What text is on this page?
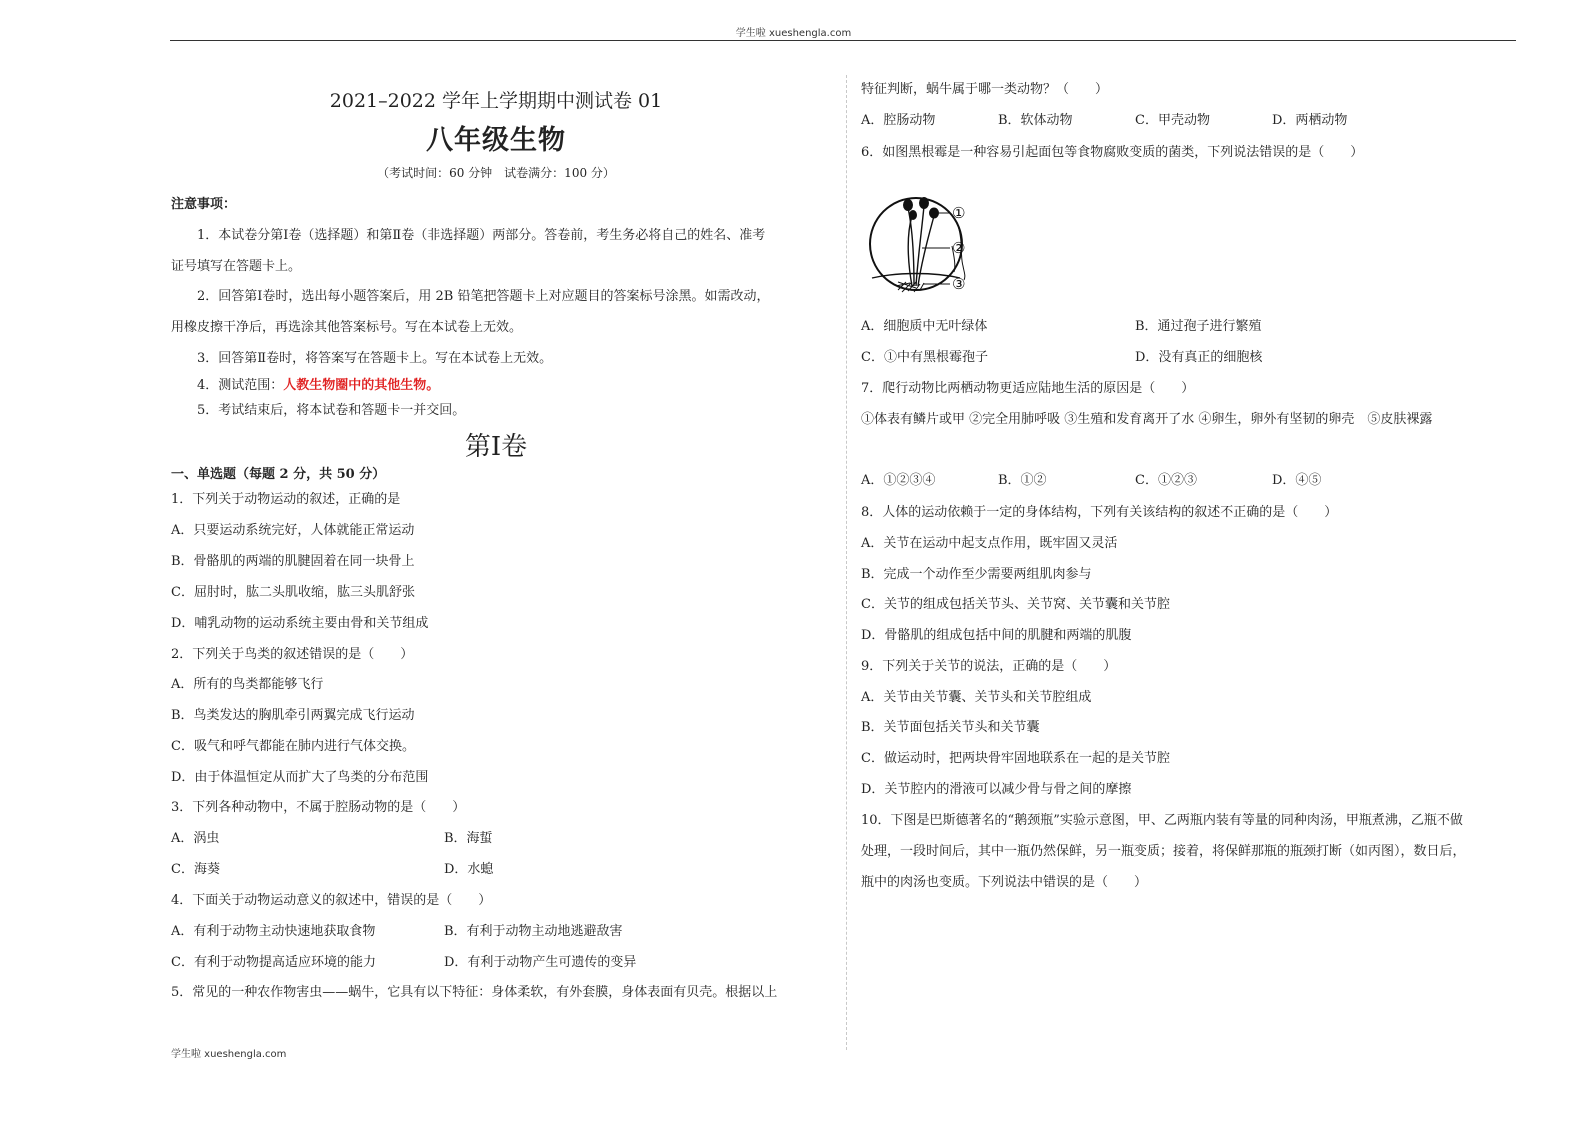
学生啦 xueshengla.com
2021–2022 学年上学期期中测试卷 01
八年级生物
（考试时间：60 分钟　试卷满分：100 分）
注意事项：
1．本试卷分第Ⅰ卷（选择题）和第Ⅱ卷（非选择题）两部分。答卷前，考生务必将自己的姓名、准考
证号填写在答题卡上。
2．回答第Ⅰ卷时，选出每小题答案后，用 2B 铅笔把答题卡上对应题目的答案标号涂黑。如需改动，
用橡皮擦干净后，再选涂其他答案标号。写在本试卷上无效。
3．回答第Ⅱ卷时，将答案写在答题卡上。写在本试卷上无效。
4．测试范围：人教生物圈中的其他生物。
5．考试结束后，将本试卷和答题卡一并交回。
第Ⅰ卷
一、单选题（每题 2 分，共 50 分）
1．下列关于动物运动的叙述，正确的是
A．只要运动系统完好，人体就能正常运动
B．骨骼肌的两端的肌腱固着在同一块骨上
C．屈肘时，肱二头肌收缩，肱三头肌舒张
D．哺乳动物的运动系统主要由骨和关节组成
2．下列关于鸟类的叙述错误的是（　　）
A．所有的鸟类都能够飞行
B．鸟类发达的胸肌牵引两翼完成飞行运动
C．吸气和呼气都能在肺内进行气体交换。
D．由于体温恒定从而扩大了鸟类的分布范围
3．下列各种动物中，不属于腔肠动物的是（　　）
A．涡虫	B．海蜇
C．海葵	D．水螅
4．下面关于动物运动意义的叙述中，错误的是（　　）
A．有利于动物主动快速地获取食物	B．有利于动物主动地逃避敌害
C．有利于动物提高适应环境的能力	D．有利于动物产生可遗传的变异
5．常见的一种农作物害虫——蜗牛，它具有以下特征：身体柔软，有外套膜，身体表面有贝壳。根据以上
特征判断，蜗牛属于哪一类动物？（　　）
A．腔肠动物	B．软体动物	C．甲壳动物	D．两栖动物
6．如图黑根霉是一种容易引起面包等食物腐败变质的菌类，下列说法错误的是（　　）
A．细胞质中无叶绿体	B．通过孢子进行繁殖
C．①中有黑根霉孢子	D．没有真正的细胞核
7．爬行动物比两栖动物更适应陆地生活的原因是（　　）
①体表有鳞片或甲 ②完全用肺呼吸 ③生殖和发育离开了水 ④卵生，卵外有坚韧的卵壳　⑤皮肤裸露
A．①②③④	B．①②	C．①②③	D．④⑤
8．人体的运动依赖于一定的身体结构，下列有关该结构的叙述不正确的是（　　）
A．关节在运动中起支点作用，既牢固又灵活
B．完成一个动作至少需要两组肌肉参与
C．关节的组成包括关节头、关节窝、关节囊和关节腔
D．骨骼肌的组成包括中间的肌腱和两端的肌腹
9．下列关于关节的说法，正确的是（　　）
A．关节由关节囊、关节头和关节腔组成
B．关节面包括关节头和关节囊
C．做运动时，把两块骨牢固地联系在一起的是关节腔
D．关节腔内的滑液可以减少骨与骨之间的摩擦
10．下图是巴斯德著名的“鹅颈瓶”实验示意图，甲、乙两瓶内装有等量的同种肉汤，甲瓶煮沸，乙瓶不做
处理，一段时间后，其中一瓶仍然保鲜，另一瓶变质；接着，将保鲜那瓶的瓶颈打断（如丙图），数日后，
瓶中的肉汤也变质。下列说法中错误的是（　　）
①
②
③
学生啦 xueshengla.com
